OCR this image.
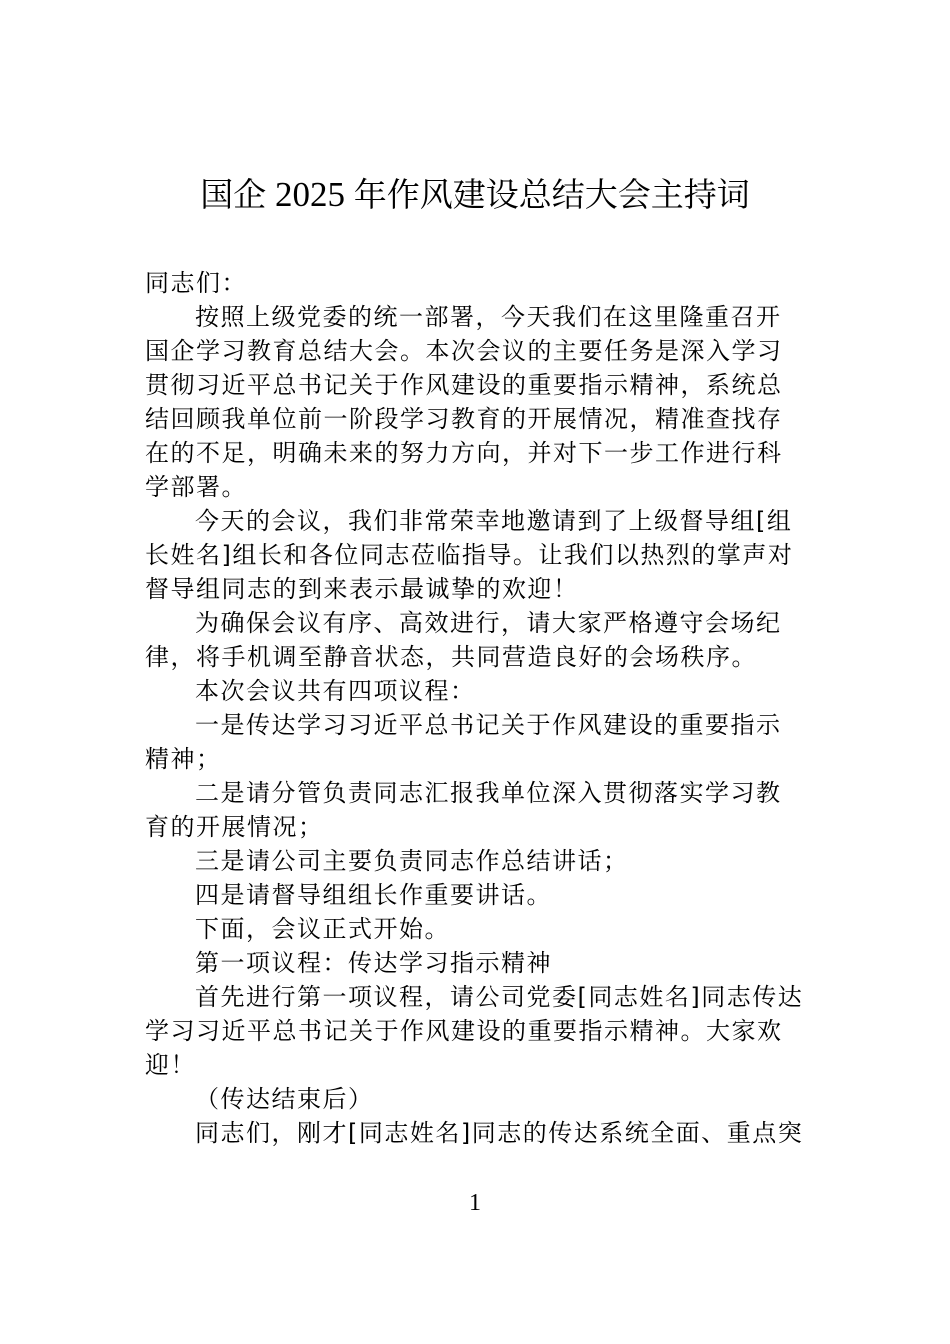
国企 2025 年作风建设总结大会主持词
同志们：
按照上级党委的统一部署，今天我们在这里隆重召开
国企学习教育总结大会。本次会议的主要任务是深入学习
贯彻习近平总书记关于作风建设的重要指示精神，系统总
结回顾我单位前一阶段学习教育的开展情况，精准查找存
在的不足，明确未来的努力方向，并对下一步工作进行科
学部署。
今天的会议，我们非常荣幸地邀请到了上级督导组[组
长姓名]组长和各位同志莅临指导。让我们以热烈的掌声对
督导组同志的到来表示最诚挚的欢迎！
为确保会议有序、高效进行，请大家严格遵守会场纪
律，将手机调至静音状态，共同营造良好的会场秩序。
本次会议共有四项议程：
一是传达学习习近平总书记关于作风建设的重要指示
精神；
二是请分管负责同志汇报我单位深入贯彻落实学习教
育的开展情况；
三是请公司主要负责同志作总结讲话；
四是请督导组组长作重要讲话。
下面，会议正式开始。
第一项议程：传达学习指示精神
首先进行第一项议程，请公司党委[同志姓名]同志传达
学习习近平总书记关于作风建设的重要指示精神。大家欢
迎！
（传达结束后）
同志们，刚才[同志姓名]同志的传达系统全面、重点突
1
